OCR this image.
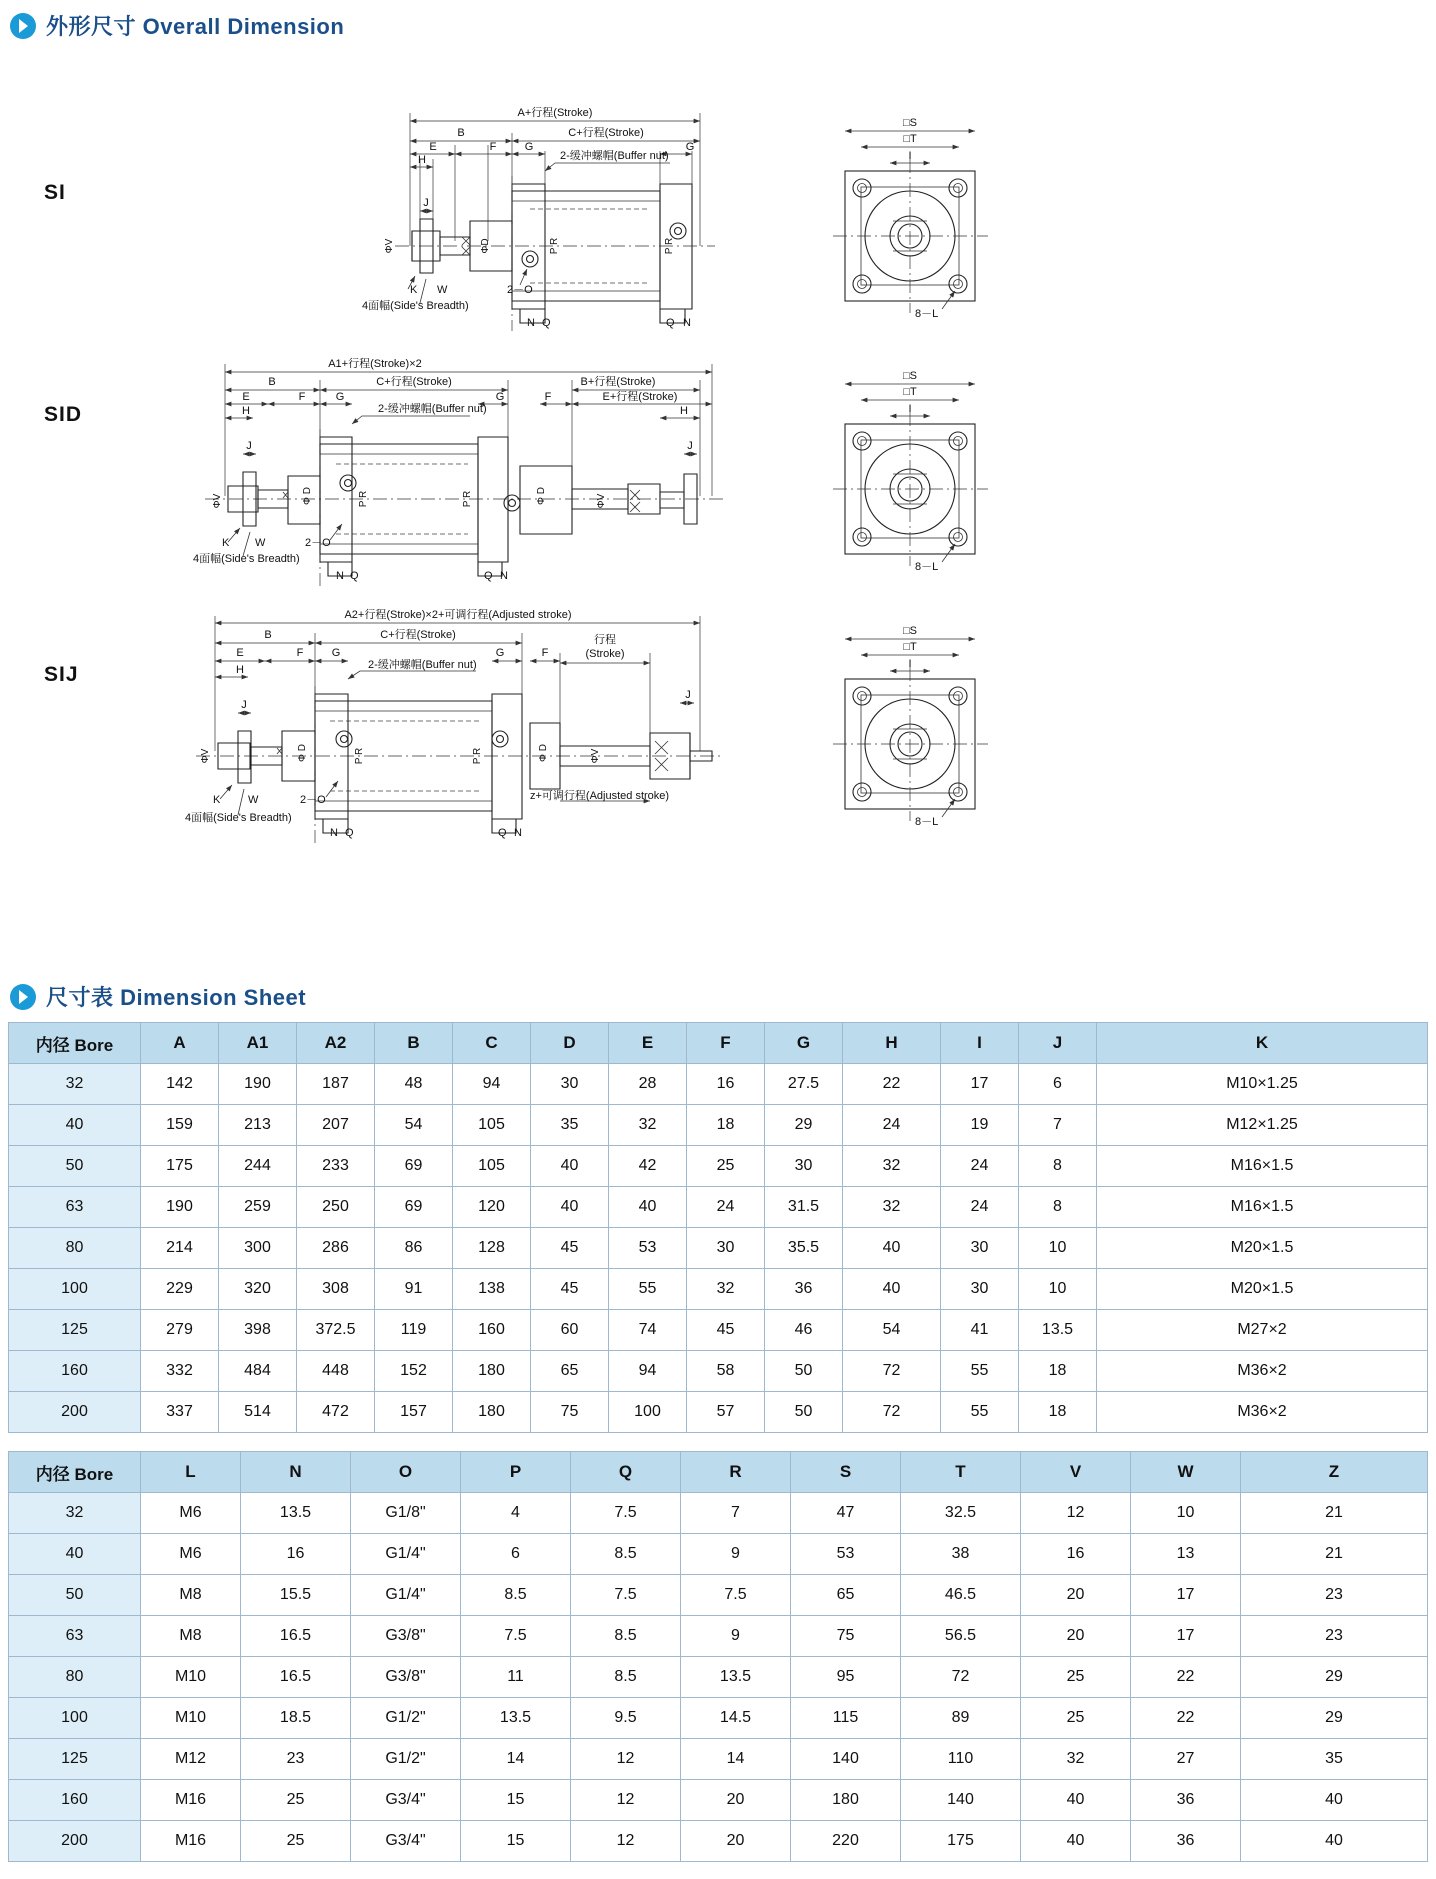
外形尺寸 Overall Dimension
SI
SID
SIJ
A+行程(Stroke)
C+行程(Stroke)
B
E	F	G	G
H
J
ΦV	ΦD	P R	P R
2-缓冲螺帽(Buffer nut)
2－O
K W
4面幅(Side's Breadth)
N Q	Q N
□S
□T
I
8－L
A1+行程(Stroke)×2
C+行程(Stroke)	B+行程(Stroke)
E+行程(Stroke)
B
E	F	G	G	F
H	H
J	J
ΦV	Φ D	P R	P R	Φ D	ΦV
2-缓冲螺帽(Buffer nut)
2－O
K W
4面幅(Side's Breadth)
N Q	Q N
□S
□T
I
8－L
A2+行程(Stroke)×2+可调行程(Adjusted stroke)
C+行程(Stroke)
B
E	F	G	G	F
H
J
J
行程
(Stroke)
ΦV	Φ D	P R	P R	Φ D	ΦV
2-缓冲螺帽(Buffer nut)
2－O
K	W
4面幅(Side's Breadth)
N Q	Q N
z+可调行程(Adjusted stroke)
□S
□T
I
8－L
尺寸表 Dimension Sheet
内径 Bore	A	A1	A2	B	C	D	E	F	G	H	I	J	K
32	142	190	187	48	94	30	28	16	27.5	22	17	6	M10×1.25
40	159	213	207	54	105	35	32	18	29	24	19	7	M12×1.25
50	175	244	233	69	105	40	42	25	30	32	24	8	M16×1.5
63	190	259	250	69	120	40	40	24	31.5	32	24	8	M16×1.5
80	214	300	286	86	128	45	53	30	35.5	40	30	10	M20×1.5
100	229	320	308	91	138	45	55	32	36	40	30	10	M20×1.5
125	279	398	372.5	119	160	60	74	45	46	54	41	13.5	M27×2
160	332	484	448	152	180	65	94	58	50	72	55	18	M36×2
200	337	514	472	157	180	75	100	57	50	72	55	18	M36×2
内径 Bore	L	N	O	P	Q	R	S	T	V	W	Z
32	M6	13.5	G1/8"	4	7.5	7	47	32.5	12	10	21
40	M6	16	G1/4"	6	8.5	9	53	38	16	13	21
50	M8	15.5	G1/4"	8.5	7.5	7.5	65	46.5	20	17	23
63	M8	16.5	G3/8"	7.5	8.5	9	75	56.5	20	17	23
80	M10	16.5	G3/8"	11	8.5	13.5	95	72	25	22	29
100	M10	18.5	G1/2"	13.5	9.5	14.5	115	89	25	22	29
125	M12	23	G1/2"	14	12	14	140	110	32	27	35
160	M16	25	G3/4"	15	12	20	180	140	40	36	40
200	M16	25	G3/4"	15	12	20	220	175	40	36	40
